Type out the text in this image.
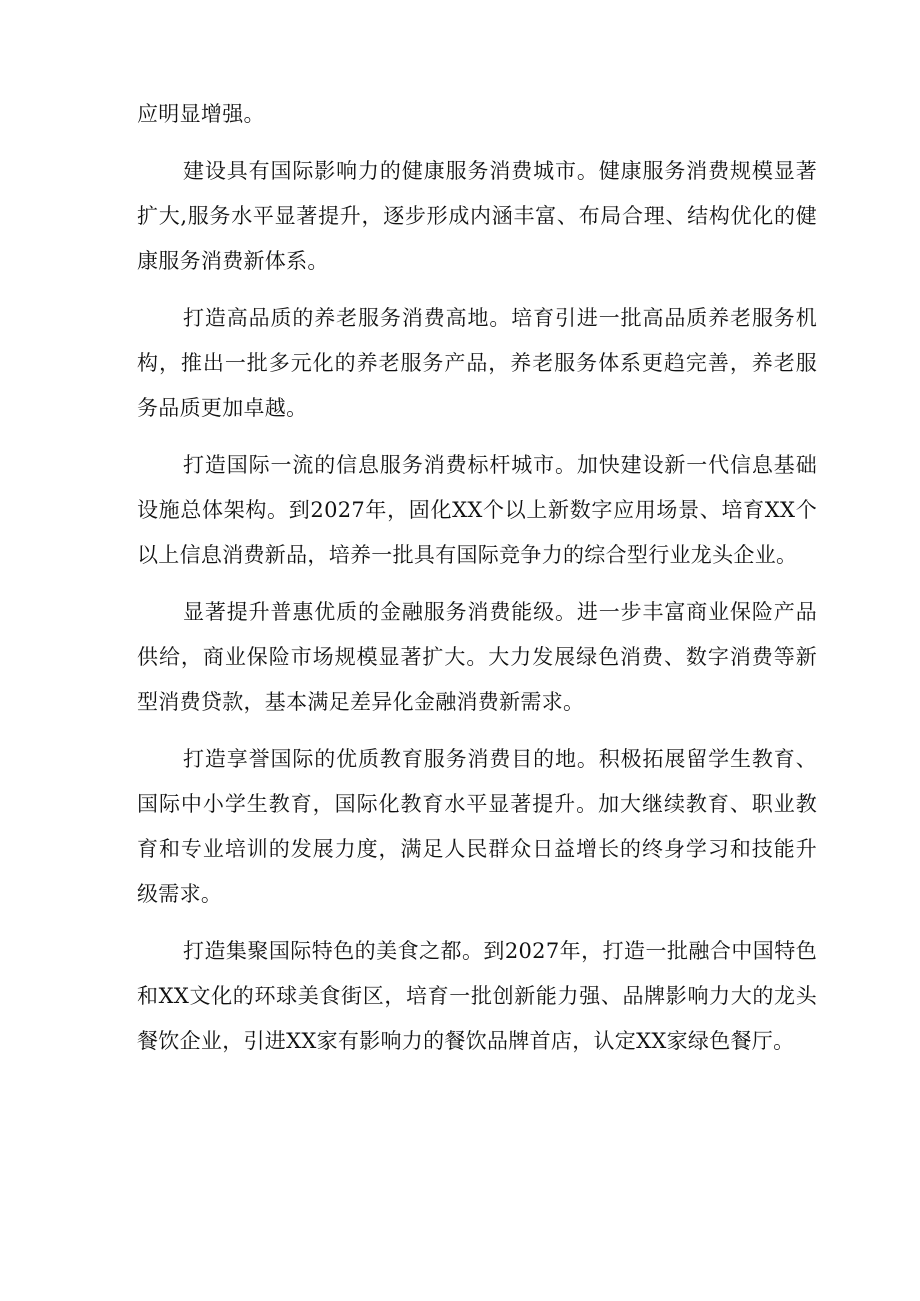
应明显增强。

建设具有国际影响力的健康服务消费城市。健康服务消费规模显著扩大,服务水平显著提升，逐步形成内涵丰富、布局合理、结构优化的健康服务消费新体系。

打造高品质的养老服务消费高地。培育引进一批高品质养老服务机构，推出一批多元化的养老服务产品，养老服务体系更趋完善，养老服务品质更加卓越。

打造国际一流的信息服务消费标杆城市。加快建设新一代信息基础设施总体架构。到2027年，固化XX个以上新数字应用场景、培育XX个以上信息消费新品，培养一批具有国际竞争力的综合型行业龙头企业。

显著提升普惠优质的金融服务消费能级。进一步丰富商业保险产品供给，商业保险市场规模显著扩大。大力发展绿色消费、数字消费等新型消费贷款，基本满足差异化金融消费新需求。

打造享誉国际的优质教育服务消费目的地。积极拓展留学生教育、国际中小学生教育，国际化教育水平显著提升。加大继续教育、职业教育和专业培训的发展力度，满足人民群众日益增长的终身学习和技能升级需求。

打造集聚国际特色的美食之都。到2027年，打造一批融合中国特色和XX文化的环球美食街区，培育一批创新能力强、品牌影响力大的龙头餐饮企业，引进XX家有影响力的餐饮品牌首店，认定XX家绿色餐厅。
